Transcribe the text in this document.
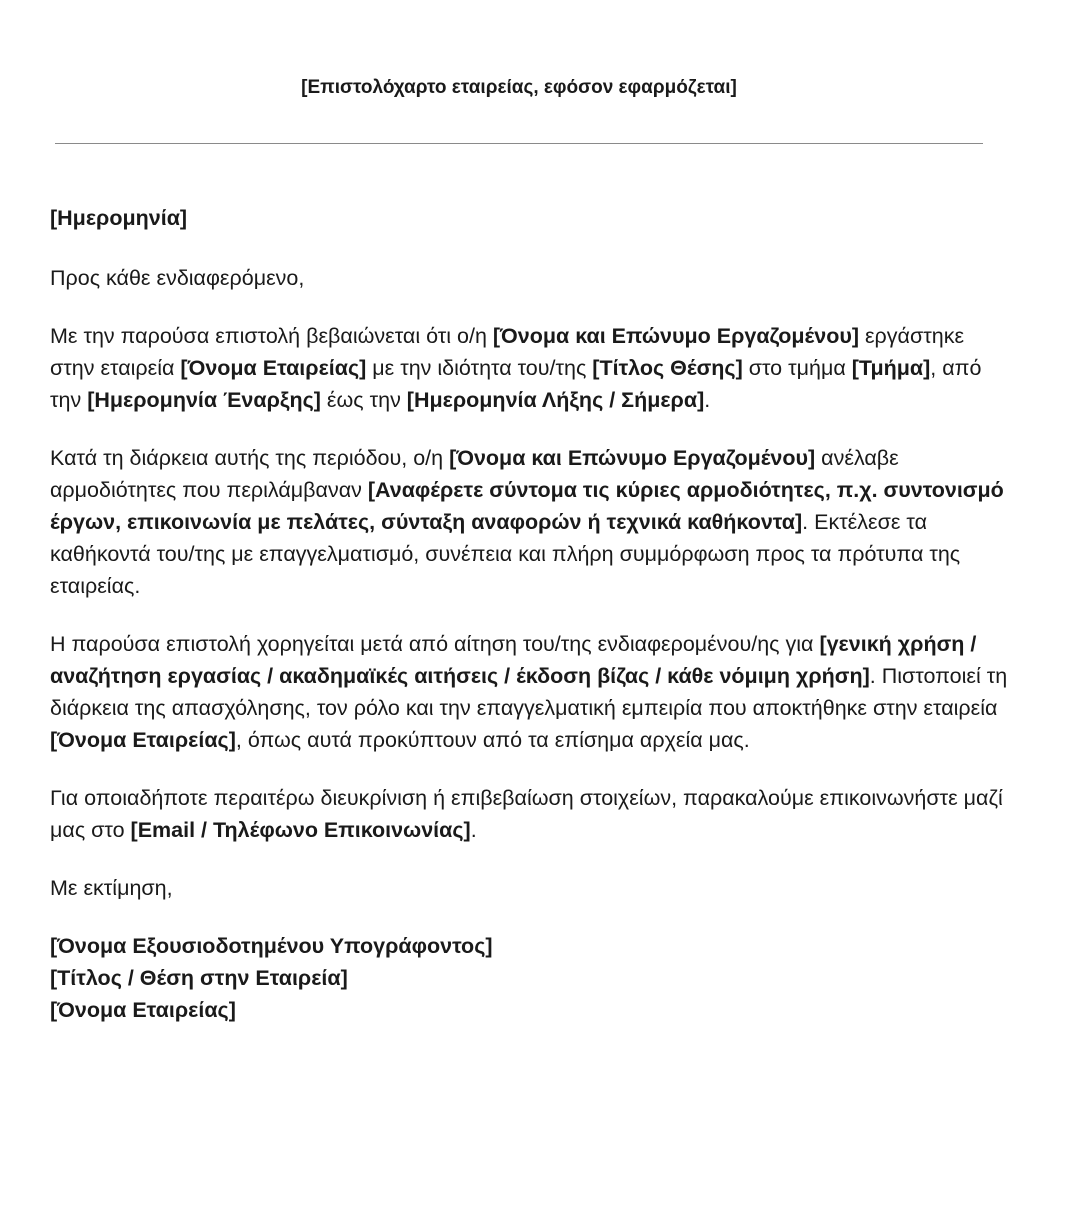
[Επιστολόχαρτο εταιρείας, εφόσον εφαρμόζεται]

[Ημερομηνία]

Προς κάθε ενδιαφερόμενο,

Με την παρούσα επιστολή βεβαιώνεται ότι ο/η [Όνομα και Επώνυμο Εργαζομένου] εργάστηκε στην εταιρεία [Όνομα Εταιρείας] με την ιδιότητα του/της [Τίτλος Θέσης] στο τμήμα [Τμήμα], από την [Ημερομηνία Έναρξης] έως την [Ημερομηνία Λήξης / Σήμερα].

Κατά τη διάρκεια αυτής της περιόδου, ο/η [Όνομα και Επώνυμο Εργαζομένου] ανέλαβε αρμοδιότητες που περιλάμβαναν [Αναφέρετε σύντομα τις κύριες αρμοδιότητες, π.χ. συντονισμό έργων, επικοινωνία με πελάτες, σύνταξη αναφορών ή τεχνικά καθήκοντα]. Εκτέλεσε τα καθήκοντά του/της με επαγγελματισμό, συνέπεια και πλήρη συμμόρφωση προς τα πρότυπα της εταιρείας.

Η παρούσα επιστολή χορηγείται μετά από αίτηση του/της ενδιαφερομένου/ης για [γενική χρήση / αναζήτηση εργασίας / ακαδημαϊκές αιτήσεις / έκδοση βίζας / κάθε νόμιμη χρήση]. Πιστοποιεί τη διάρκεια της απασχόλησης, τον ρόλο και την επαγγελματική εμπειρία που αποκτήθηκε στην εταιρεία [Όνομα Εταιρείας], όπως αυτά προκύπτουν από τα επίσημα αρχεία μας.

Για οποιαδήποτε περαιτέρω διευκρίνιση ή επιβεβαίωση στοιχείων, παρακαλούμε επικοινωνήστε μαζί μας στο [Email / Τηλέφωνο Επικοινωνίας].

Με εκτίμηση,

[Όνομα Εξουσιοδοτημένου Υπογράφοντος]
[Τίτλος / Θέση στην Εταιρεία]
[Όνομα Εταιρείας]
